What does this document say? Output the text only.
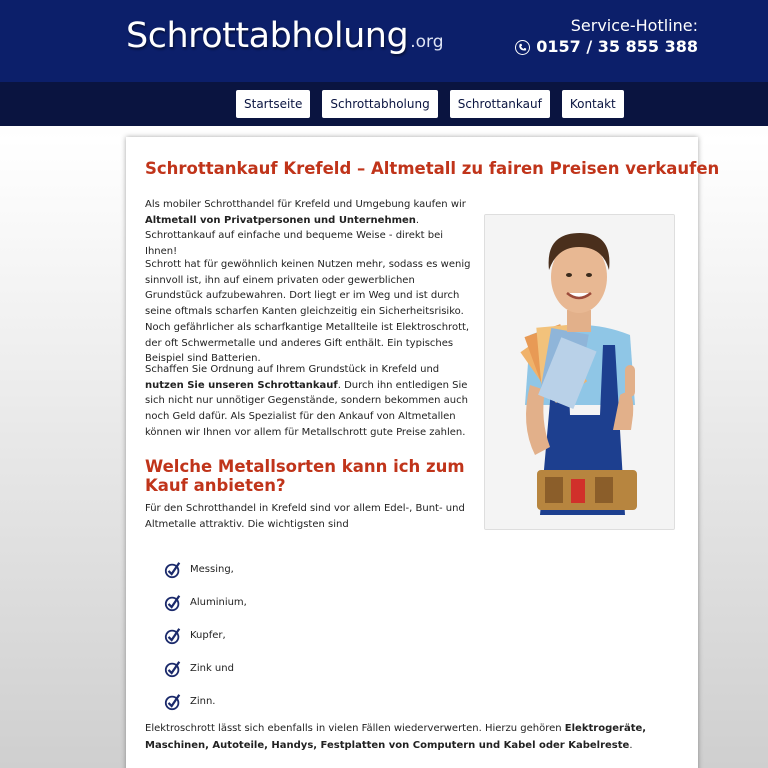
Schrottabholung .org
Service-Hotline:
0157 / 35 855 388
Startseite	Schrottabholung	Schrottankauf	Kontakt
Schrottankauf Krefeld – Altmetall zu fairen Preisen verkaufen

Als mobiler Schrotthandel für Krefeld und Umgebung kaufen wir Altmetall von Privatpersonen und Unternehmen. Schrottankauf auf einfache und bequeme Weise - direkt bei Ihnen!

Schrott hat für gewöhnlich keinen Nutzen mehr, sodass es wenig sinnvoll ist, ihn auf einem privaten oder gewerblichen Grundstück aufzubewahren. Dort liegt er im Weg und ist durch seine oftmals scharfen Kanten gleichzeitig ein Sicherheitsrisiko. Noch gefährlicher als scharfkantige Metallteile ist Elektroschrott, der oft Schwermetalle und anderes Gift enthält. Ein typisches Beispiel sind Batterien.

Schaffen Sie Ordnung auf Ihrem Grundstück in Krefeld und nutzen Sie unseren Schrottankauf. Durch ihn entledigen Sie sich nicht nur unnötiger Gegenstände, sondern bekommen auch noch Geld dafür. Als Spezialist für den Ankauf von Altmetallen können wir Ihnen vor allem für Metallschrott gute Preise zahlen.

Welche Metallsorten kann ich zum Kauf anbieten?

Für den Schrotthandel in Krefeld sind vor allem Edel-, Bunt- und Altmetalle attraktiv. Die wichtigsten sind

Messing,
Aluminium,
Kupfer,
Zink und
Zinn.

Elektroschrott lässt sich ebenfalls in vielen Fällen wiederverwerten. Hierzu gehören Elektrogeräte, Maschinen, Autoteile, Handys, Festplatten von Computern und Kabel oder Kabelreste.
